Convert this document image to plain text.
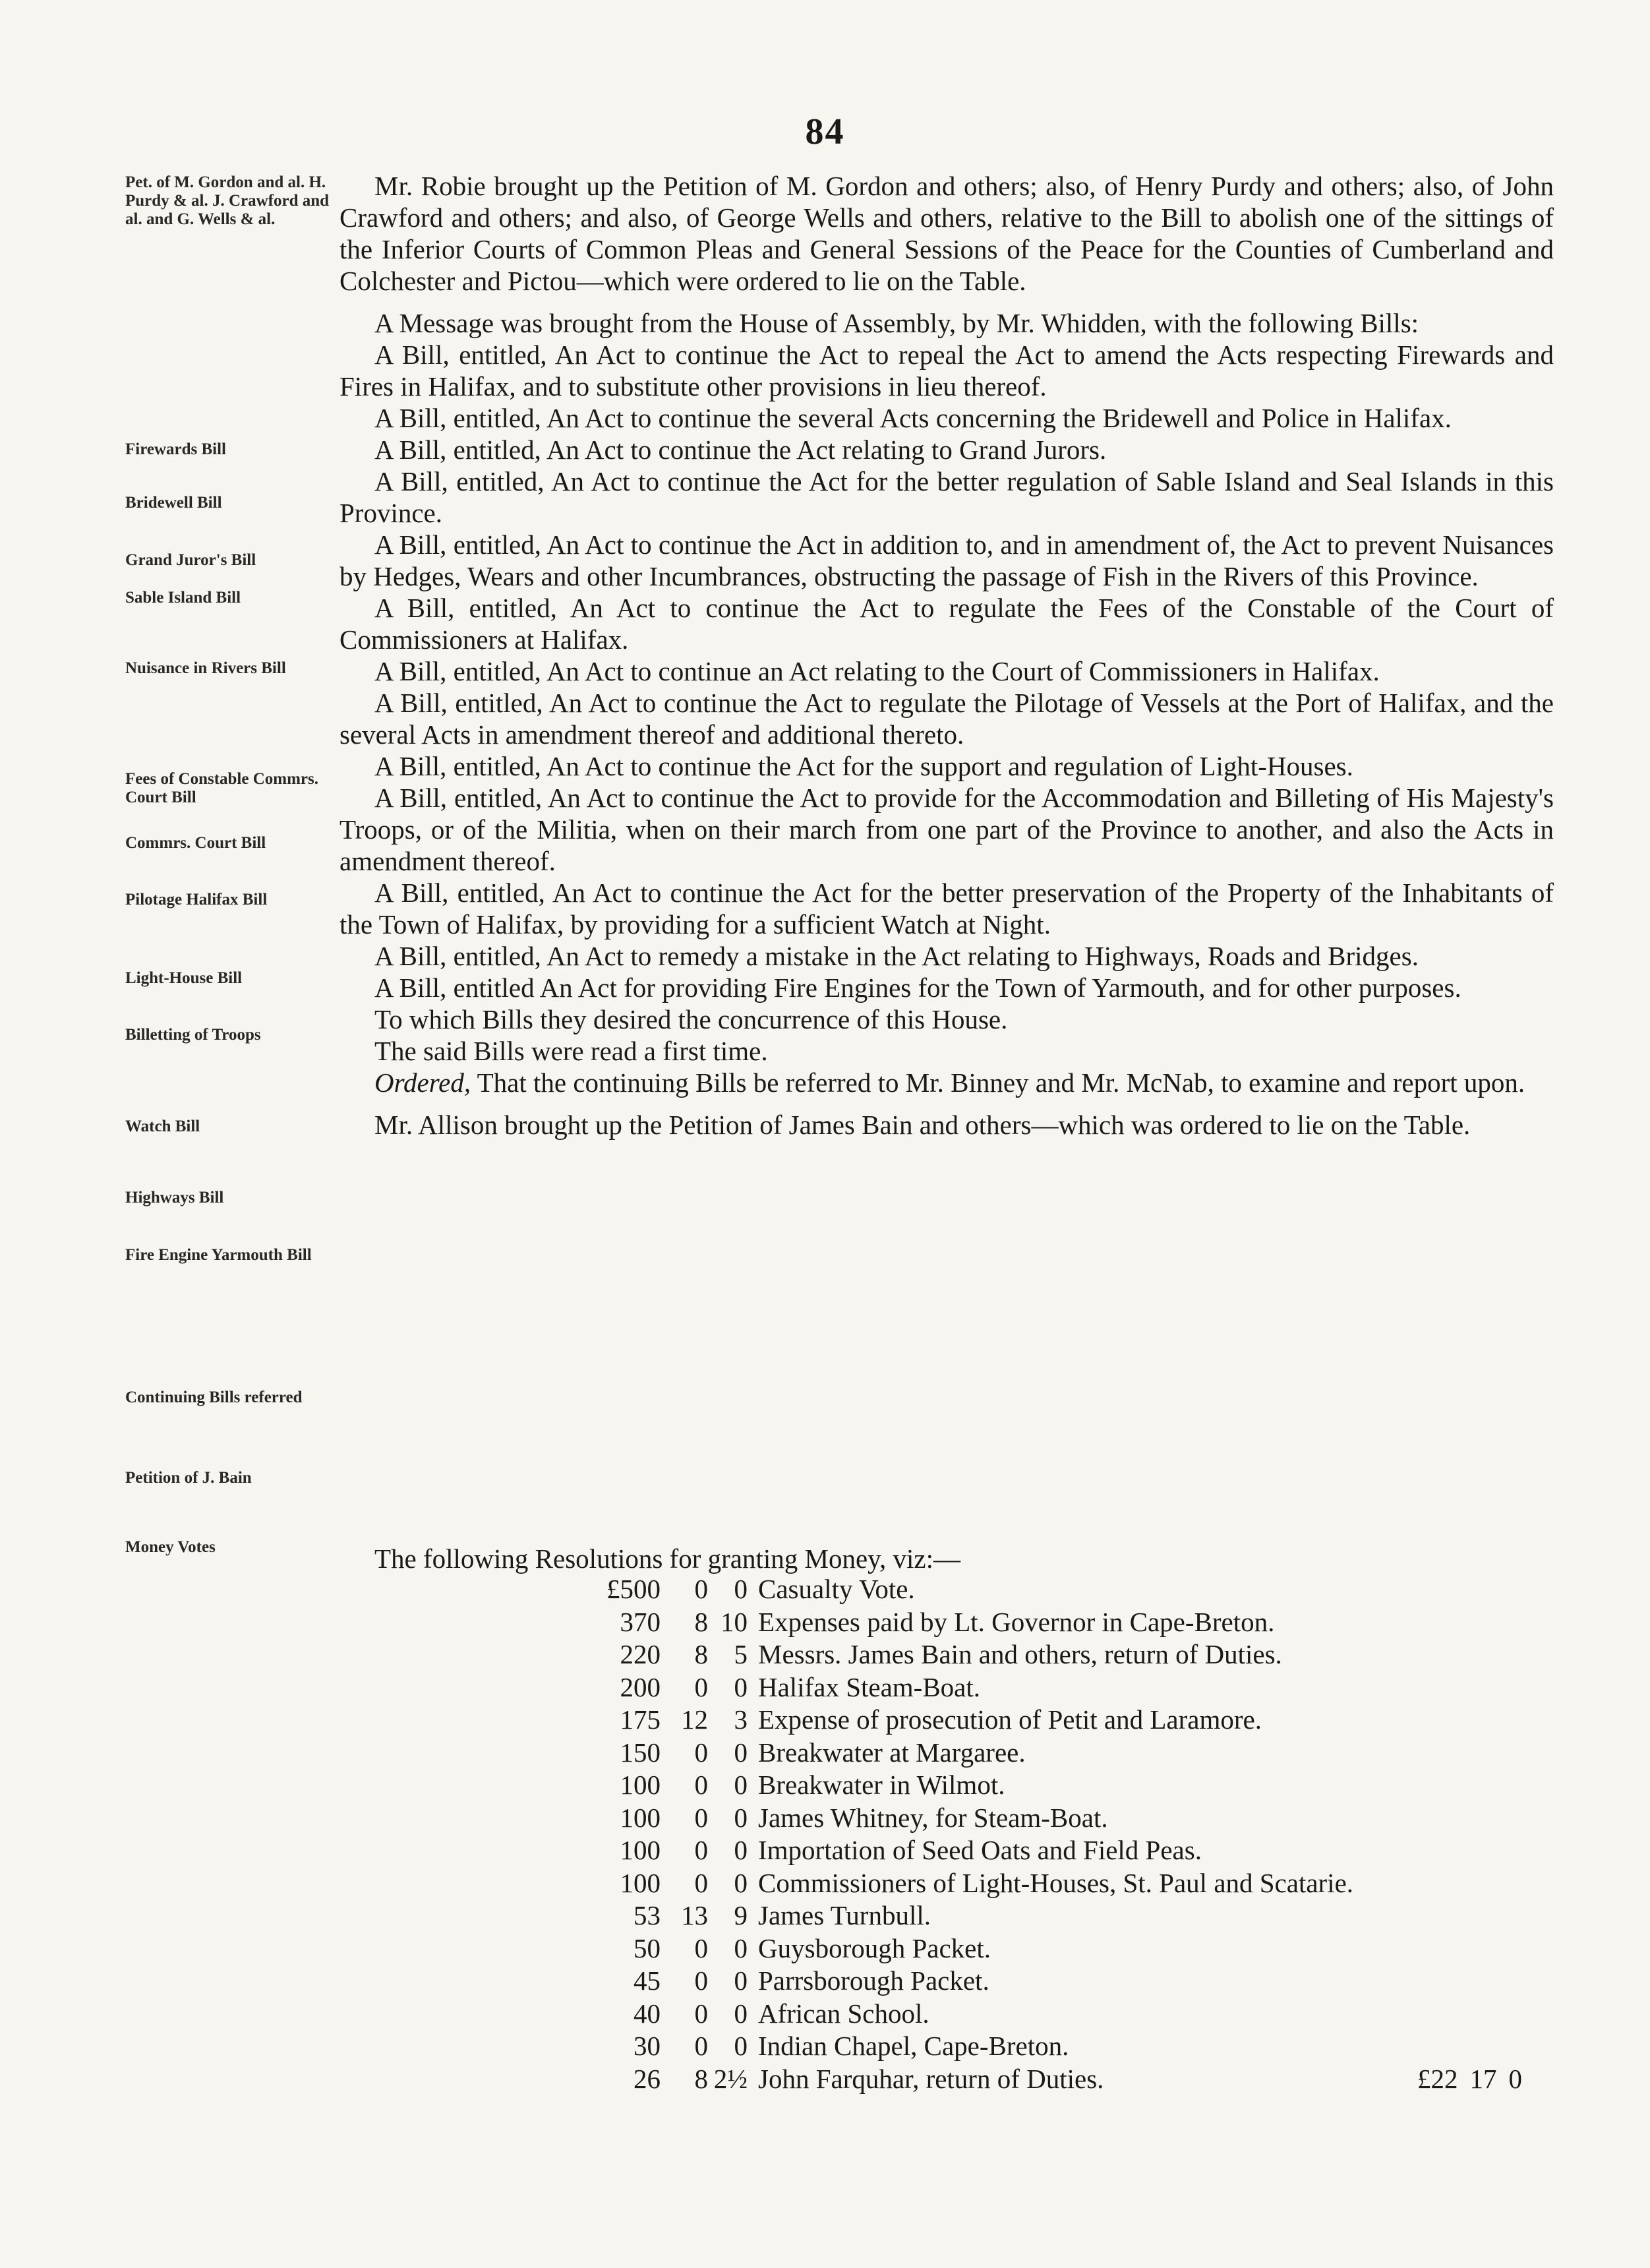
84
Pet. of M. Gordon and al. H. Purdy & al. J. Crawford and al. and G. Wells & al.
Firewards Bill
Bridewell Bill
Grand Juror's Bill
Sable Island Bill
Nuisance in Rivers Bill
Fees of Constable Commrs. Court Bill
Commrs. Court Bill
Pilotage Halifax Bill
Light-House Bill
Billetting of Troops
Watch Bill
Highways Bill
Fire Engine Yarmouth Bill
Continuing Bills referred
Petition of J. Bain
Money Votes

Mr. Robie brought up the Petition of M. Gordon and others; also, of Henry Purdy and others; also, of John Crawford and others; and also, of George Wells and others, relative to the Bill to abolish one of the sittings of the Inferior Courts of Common Pleas and General Sessions of the Peace for the Counties of Cumberland and Colchester and Pictou—which were ordered to lie on the Table.

A Message was brought from the House of Assembly, by Mr. Whidden, with the following Bills:

A Bill, entitled, An Act to continue the Act to repeal the Act to amend the Acts respecting Firewards and Fires in Halifax, and to substitute other provisions in lieu thereof.

A Bill, entitled, An Act to continue the several Acts concerning the Bridewell and Police in Halifax.

A Bill, entitled, An Act to continue the Act relating to Grand Jurors.

A Bill, entitled, An Act to continue the Act for the better regulation of Sable Island and Seal Islands in this Province.

A Bill, entitled, An Act to continue the Act in addition to, and in amendment of, the Act to prevent Nuisances by Hedges, Wears and other Incumbrances, obstructing the passage of Fish in the Rivers of this Province.

A Bill, entitled, An Act to continue the Act to regulate the Fees of the Constable of the Court of Commissioners at Halifax.

A Bill, entitled, An Act to continue an Act relating to the Court of Commissioners in Halifax.

A Bill, entitled, An Act to continue the Act to regulate the Pilotage of Vessels at the Port of Halifax, and the several Acts in amendment thereof and additional thereto.

A Bill, entitled, An Act to continue the Act for the support and regulation of Light-Houses.

A Bill, entitled, An Act to continue the Act to provide for the Accommodation and Billeting of His Majesty's Troops, or of the Militia, when on their march from one part of the Province to another, and also the Acts in amendment thereof.

A Bill, entitled, An Act to continue the Act for the better preservation of the Property of the Inhabitants of the Town of Halifax, by providing for a sufficient Watch at Night.

A Bill, entitled, An Act to remedy a mistake in the Act relating to Highways, Roads and Bridges.

A Bill, entitled An Act for providing Fire Engines for the Town of Yarmouth, and for other purposes.

To which Bills they desired the concurrence of this House.

The said Bills were read a first time.

Ordered, That the continuing Bills be referred to Mr. Binney and Mr. McNab, to examine and report upon.

Mr. Allison brought up the Petition of James Bain and others—which was ordered to lie on the Table.

The following Resolutions for granting Money, viz:—
£500	0 0 Casualty Vote.
370	8 10 Expenses paid by Lt. Governor in Cape-Breton.
220	8 5 Messrs. James Bain and others, return of Duties.
200	0 0 Halifax Steam-Boat.
175 12 3 Expense of prosecution of Petit and Laramore.
150	0 0 Breakwater at Margaree.
100	0 0 Breakwater in Wilmot.
100	0 0 James Whitney, for Steam-Boat.
100	0 0 Importation of Seed Oats and Field Peas.
100	0 0 Commissioners of Light-Houses, St. Paul and Scatarie.
53 13 9 James Turnbull.
50	0 0 Guysborough Packet.
45	0 0 Parrsborough Packet.
40	0 0 African School.
30	0 0 Indian Chapel, Cape-Breton.
26	8 2½ John Farquhar, return of Duties.	£22 17 0
